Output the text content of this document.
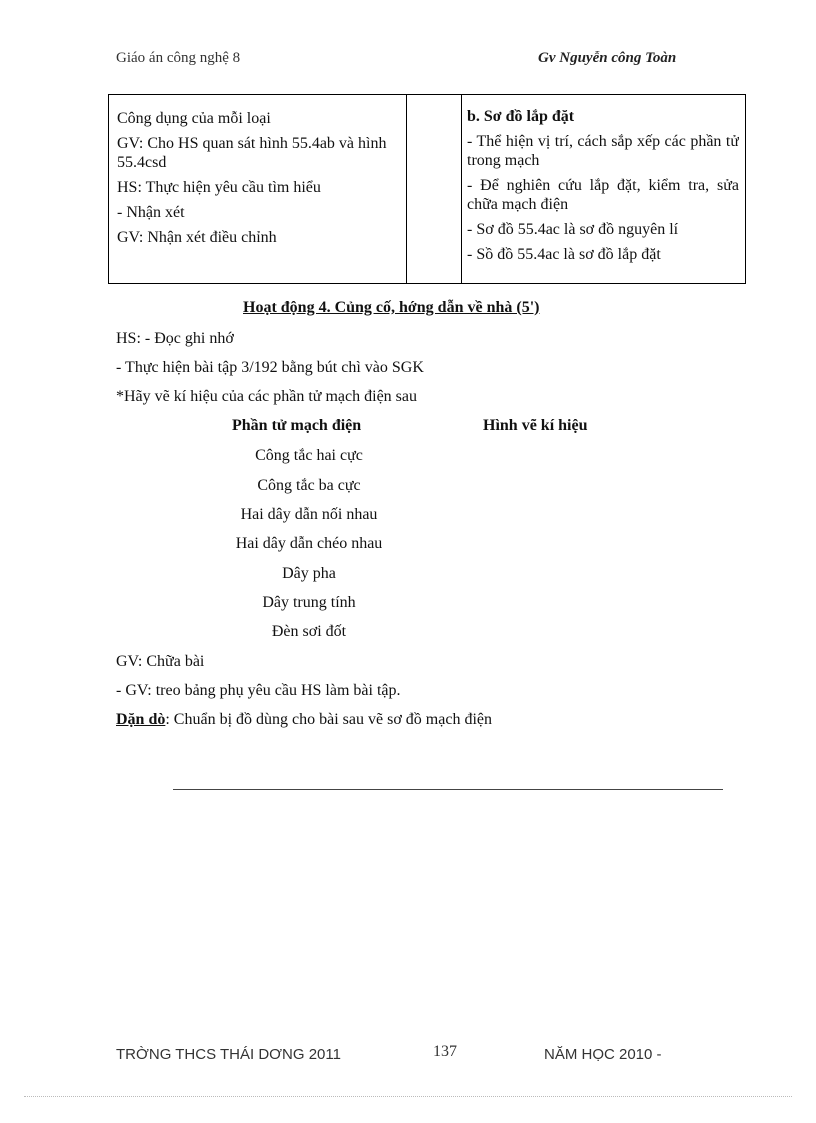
Giáo án công nghệ 8	Gv Nguyễn công Toàn

Công dụng của mỗi loại

GV: Cho HS quan sát hình 55.4ab và hình 55.4csd

HS: Thực hiện yêu cầu tìm hiểu

- Nhận xét

GV: Nhận xét điều chỉnh

b. Sơ đồ lắp đặt

- Thể hiện vị trí, cách sắp xếp các phần tử trong mạch

- Để nghiên cứu lắp đặt, kiểm tra, sửa chữa mạch điện

- Sơ đồ 55.4ac là sơ đồ nguyên lí

- Sồ đồ 55.4ac là sơ đồ lắp đặt

Hoạt động 4. Củng cố, hớng dẫn về nhà (5')
HS: - Đọc ghi nhớ
- Thực hiện bài tập 3/192 bằng bút chì vào SGK
*Hãy vẽ kí hiệu của các phần tử mạch điện sau
Phần tử mạch điện	Hình vẽ kí hiệu
Công tắc hai cực
Công tắc ba cực
Hai dây dẫn nối nhau
Hai dây dẫn chéo nhau
Dây pha
Dây trung tính
Đèn sơi đốt
GV: Chữa bài
- GV: treo bảng phụ yêu cầu HS làm bài tập.
Dặn dò: Chuẩn bị đồ dùng cho bài sau vẽ sơ đồ mạch điện
TRỜNG THCS THÁI DƠNG 2011	137	NĂM HỌC 2010 -
